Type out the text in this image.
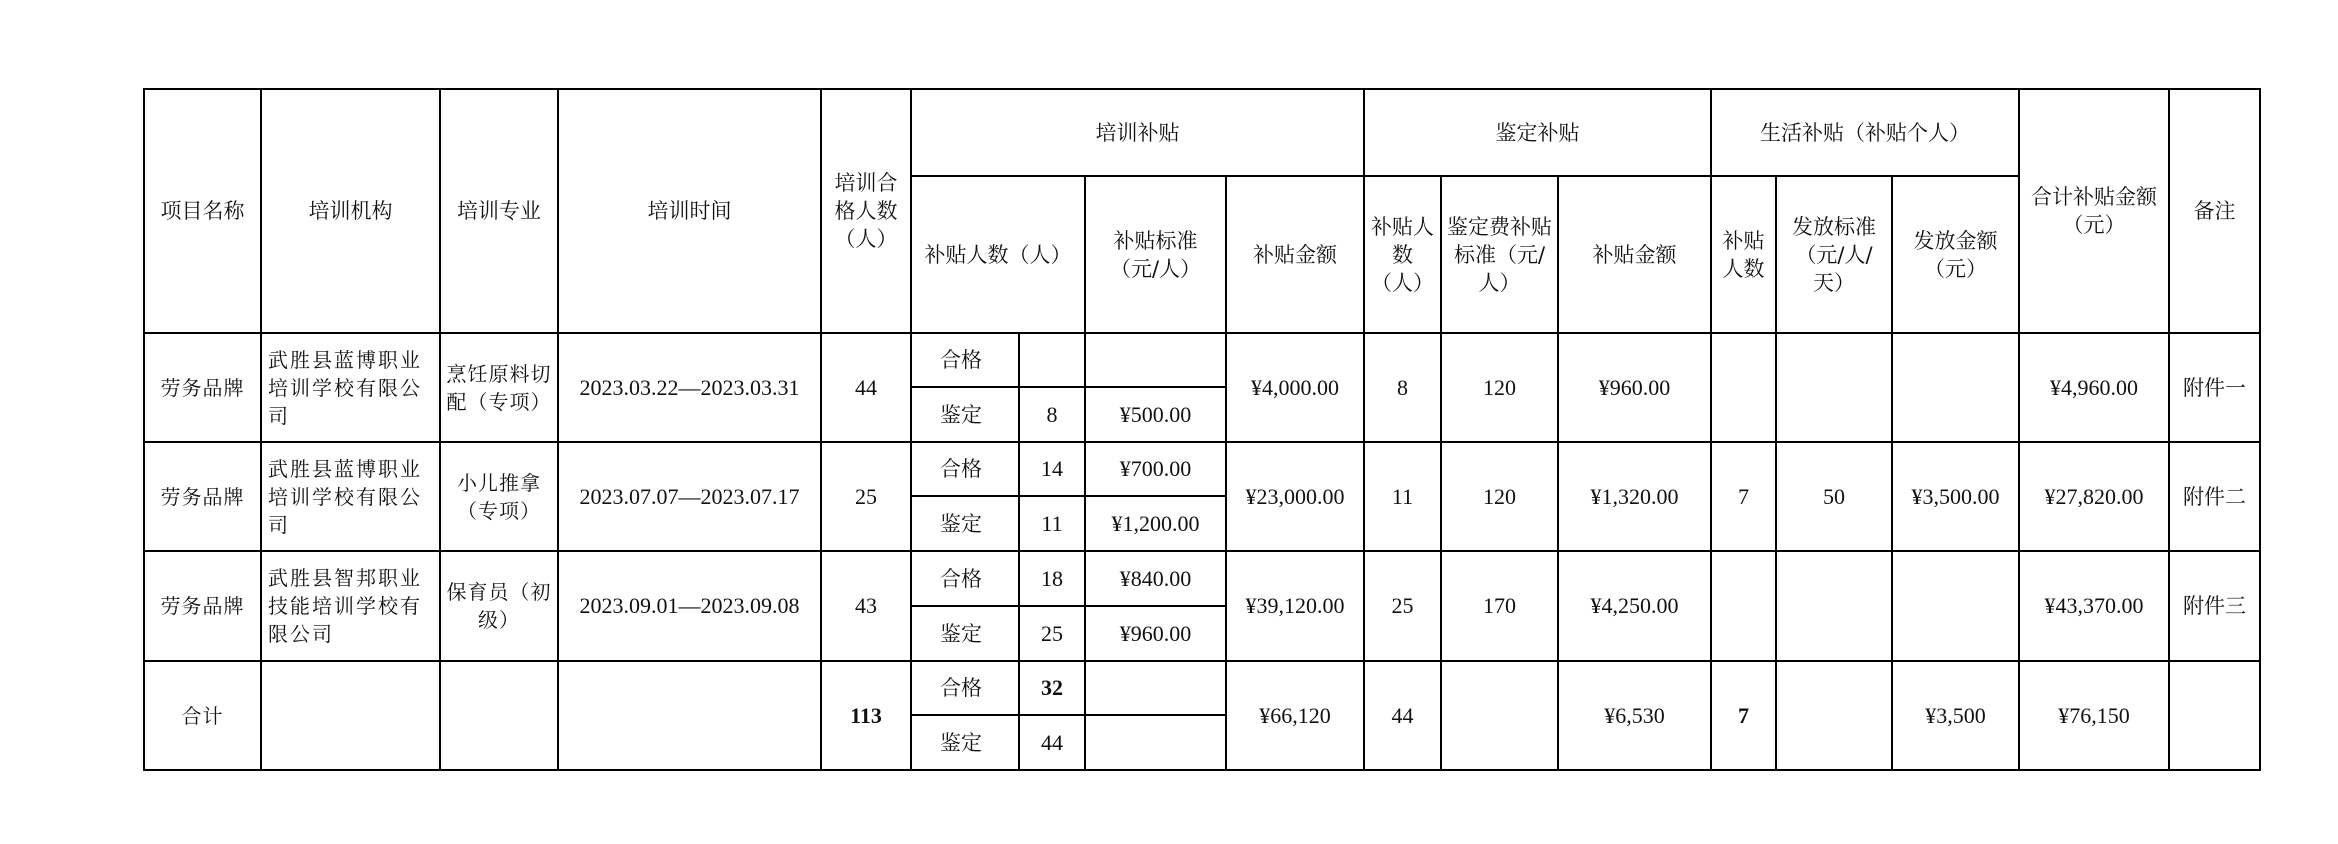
项目名称	培训机构	培训专业	培训时间	培训合格人数（人）	培训补贴				鉴定补贴			生活补贴（补贴个人）			合计补贴金额（元）	备注
					补贴人数（人）		补贴标准（元/人）	补贴金额	补贴人数（人）	鉴定费补贴标准（元/人）	补贴金额	补贴人数	发放标准（元/人/天）	发放金额（元）		
劳务品牌	武胜县蓝博职业培训学校有限公司	烹饪原料切配（专项）	2023.03.22—2023.03.31	44	合格			¥4,000.00	8	120	¥960.00				¥4,960.00	附件一
					鉴定	8	¥500.00									
劳务品牌	武胜县蓝博职业培训学校有限公司	小儿推拿（专项）	2023.07.07—2023.07.17	25	合格	14	¥700.00	¥23,000.00	11	120	¥1,320.00	7	50	¥3,500.00	¥27,820.00	附件二
					鉴定	11	¥1,200.00									
劳务品牌	武胜县智邦职业技能培训学校有限公司	保育员（初级）	2023.09.01—2023.09.08	43	合格	18	¥840.00	¥39,120.00	25	170	¥4,250.00				¥43,370.00	附件三
					鉴定	25	¥960.00									
合计				113	合格	32		¥66,120	44		¥6,530	7		¥3,500	¥76,150	
					鉴定	44										
